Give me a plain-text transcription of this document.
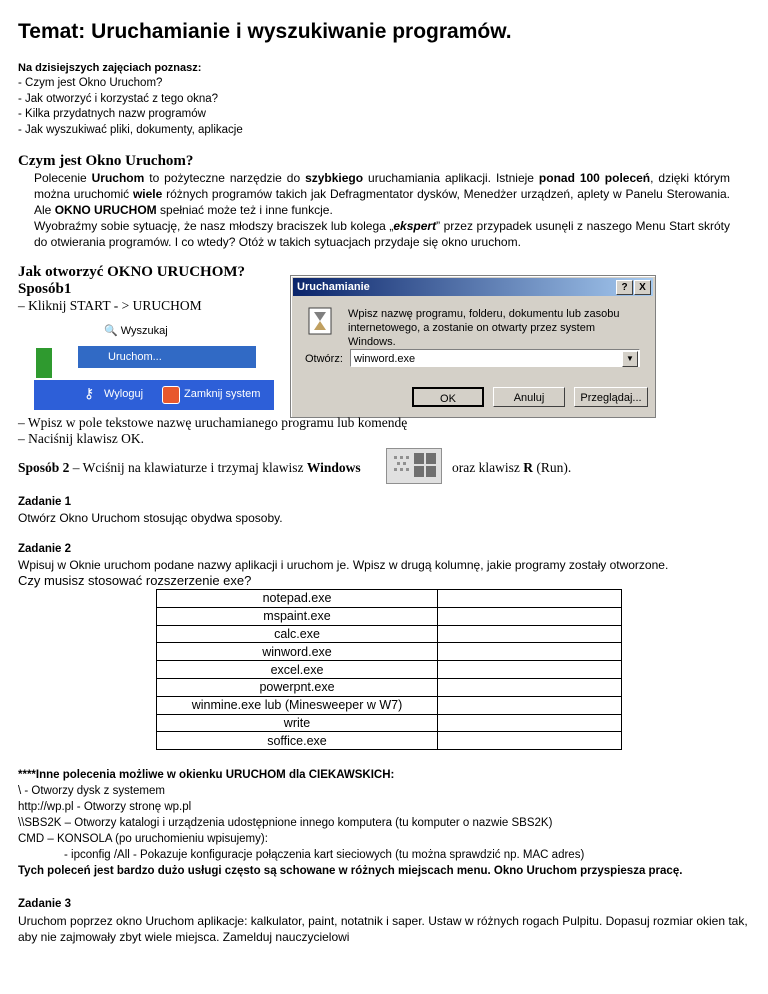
Temat: Uruchamianie i wyszukiwanie programów.
Na dzisiejszych zajęciach poznasz:
- Czym jest Okno Uruchom?
- Jak otworzyć i korzystać z tego okna?
- Kilka przydatnych nazw programów
- Jak wyszukiwać pliki, dokumenty, aplikacje
Czym jest Okno Uruchom?
Polecenie Uruchom to pożyteczne narzędzie do szybkiego uruchamiania aplikacji. Istnieje ponad 100 poleceń, dzięki którym można uruchomić wiele różnych programów takich jak Defragmentator dysków, Menedżer urządzeń, aplety w Panelu Sterowania. Ale OKNO URUCHOM spełniać może też i inne funkcje.
Wyobraźmy sobie sytuację, że nasz młodszy braciszek lub kolega „ekspert” przez przypadek usunęli z naszego Menu Start skróty do otwierania programów. I co wtedy? Otóż w takich sytuacjach przydaje się okno uruchom.
Jak otworzyć OKNO URUCHOM?
Sposób1
– Kliknij START - > URUCHOM
🔍 Wyszukaj
Uruchom...
⚷ Wyloguj	Zamknij system
Uruchamianie	?	X
Wpisz nazwę programu, folderu, dokumentu lub zasobu internetowego, a zostanie on otwarty przez system Windows.
Otwórz:	winword.exe	▼
OK	Anuluj	Przeglądaj...
– Wpisz w pole tekstowe nazwę uruchamianego programu lub komendę
– Naciśnij klawisz OK.
Sposób 2 – Wciśnij na klawiaturze i trzymaj klawisz Windows	oraz klawisz R (Run).
Zadanie 1
Otwórz Okno Uruchom stosując obydwa sposoby.
Zadanie 2
Wpisuj w Oknie uruchom podane nazwy aplikacji i uruchom je. Wpisz w drugą kolumnę, jakie programy zostały otworzone.
Czy musisz stosować rozszerzenie exe?
notepad.exe	
mspaint.exe	
calc.exe	
winword.exe	
excel.exe	
powerpnt.exe	
winmine.exe lub (Minesweeper w W7)	
write	
soffice.exe	
****Inne polecenia możliwe w okienku URUCHOM dla CIEKAWSKICH:
\ - Otworzy dysk z systemem
http://wp.pl - Otworzy stronę wp.pl
\\SBS2K – Otworzy katalogi i urządzenia udostępnione innego komputera (tu komputer o nazwie SBS2K)
CMD – KONSOLA (po uruchomieniu wpisujemy):
- ipconfig /All - Pokazuje konfiguracje połączenia kart sieciowych (tu można sprawdzić np. MAC adres)
Tych poleceń jest bardzo dużo usługi często są schowane w różnych miejscach menu. Okno Uruchom przyspiesza pracę.
Zadanie 3
Uruchom poprzez okno Uruchom aplikacje: kalkulator, paint, notatnik i saper. Ustaw w różnych rogach Pulpitu. Dopasuj rozmiar okien tak, aby nie zajmowały zbyt wiele miejsca. Zamelduj nauczycielowi
